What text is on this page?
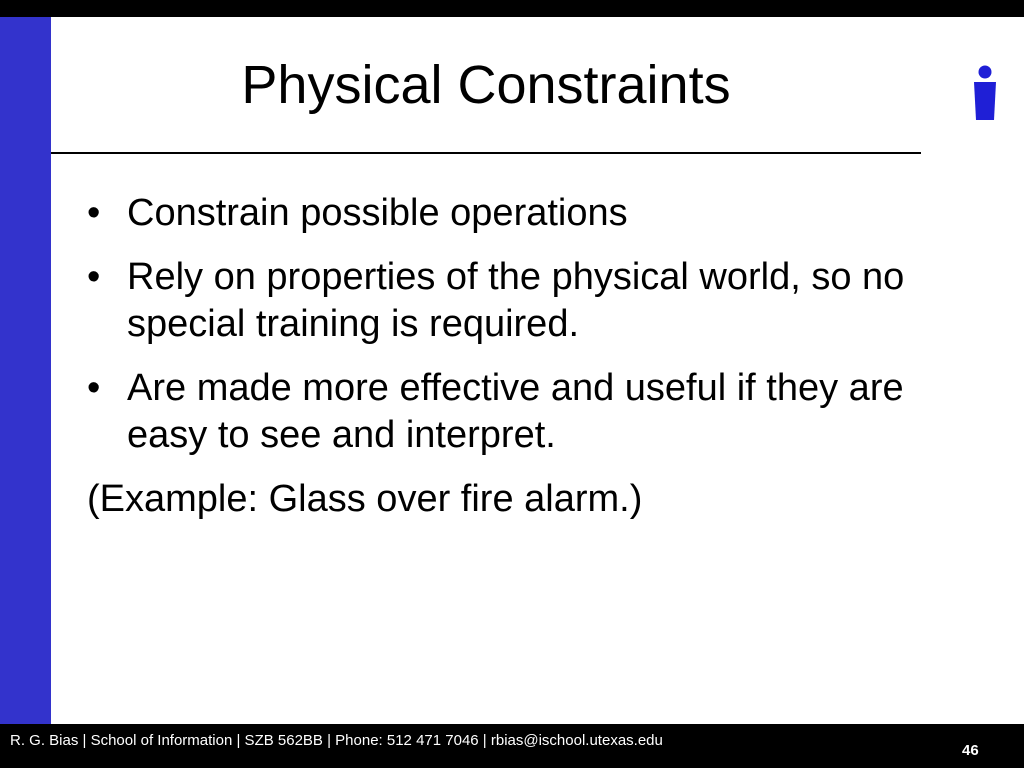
Physical Constraints
• Constrain possible operations
• Rely on properties of the physical world, so no special training is required.
• Are made more effective and useful if they are easy to see and interpret.
(Example: Glass over fire alarm.)
R. G. Bias | School of Information | SZB 562BB | Phone: 512 471 7046 | rbias@ischool.utexas.edu
46
